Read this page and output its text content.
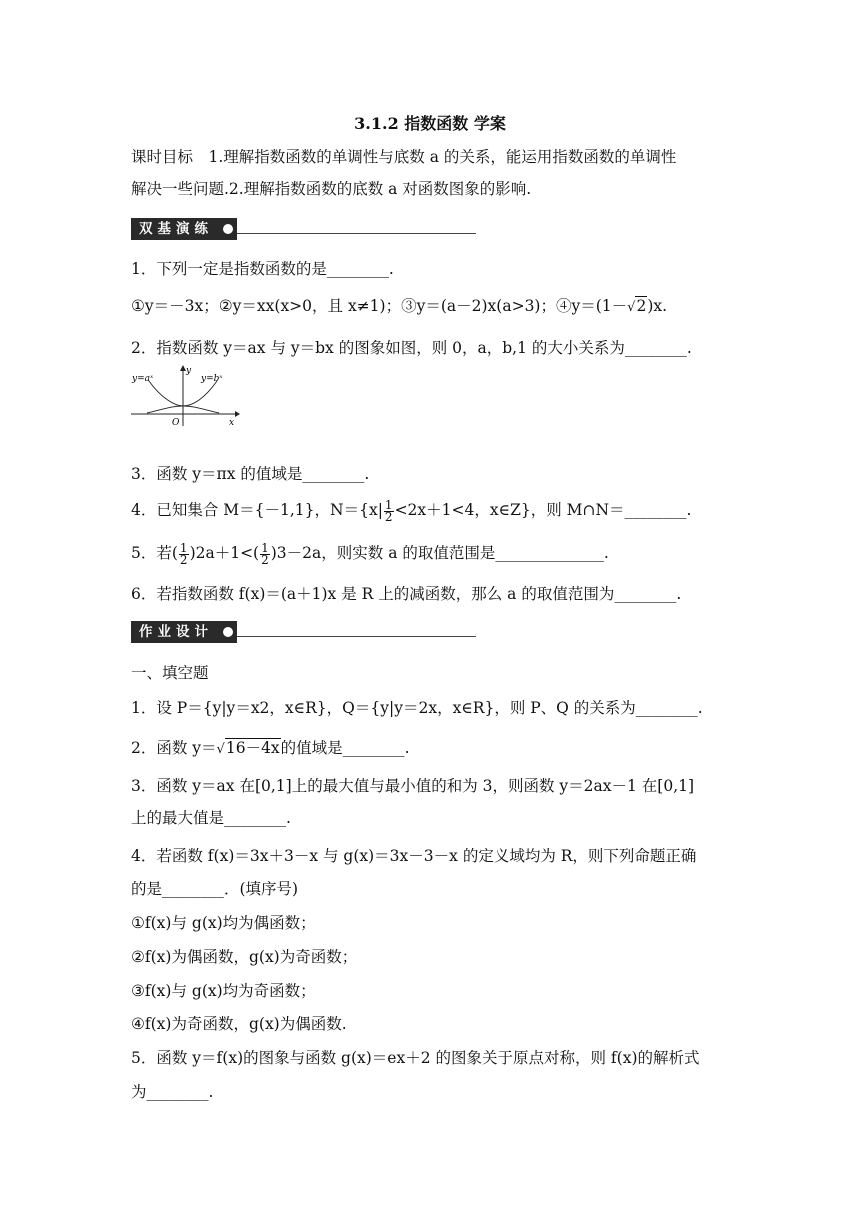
3.1.2 指数函数 学案
课时目标　1.理解指数函数的单调性与底数 a 的关系，能运用指数函数的单调性
解决一些问题.2.理解指数函数的底数 a 对函数图象的影响.
双基演练
1．下列一定是指数函数的是________.
①y＝－3x；②y＝xx(x>0，且 x≠1)；③y＝(a－2)x(a>3)；④y＝(1－√2)x.
2．指数函数 y＝ax 与 y＝bx 的图象如图，则 0，a，b,1 的大小关系为________.
y=aˣ	y=bˣ
y
x
O
3．函数 y＝πx 的值域是________.
4．已知集合 M＝{－1,1}，$N=\{x| \frac{1}{2} <2x+1<4$，x∈Z}，则 M∩N＝________.
5．若( $\frac{1}{2} )2a+1<( \frac{1}{2} )3-2a$，则实数 a 的取值范围是______________.
6．若指数函数 f(x)＝(a＋1)x 是 R 上的减函数，那么 a 的取值范围为________.
作业设计
一、填空题
1．设 P＝{y|y＝x2，x∈R}，Q＝{y|y＝2x，x∈R}，则 P、Q 的关系为________.
2．函数 y＝√16－4x的值域是________.
3．函数 y＝ax 在[0,1]上的最大值与最小值的和为 3，则函数 y＝2ax－1 在[0,1]
上的最大值是________.
4．若函数 f(x)＝3x＋3－x 与 g(x)＝3x－3－x 的定义域均为 R，则下列命题正确
的是________．(填序号)
①f(x)与 g(x)均为偶函数；
②f(x)为偶函数，g(x)为奇函数；
③f(x)与 g(x)均为奇函数；
④f(x)为奇函数，g(x)为偶函数.
5．函数 y＝f(x)的图象与函数 g(x)＝ex＋2 的图象关于原点对称，则 f(x)的解析式
为________.
